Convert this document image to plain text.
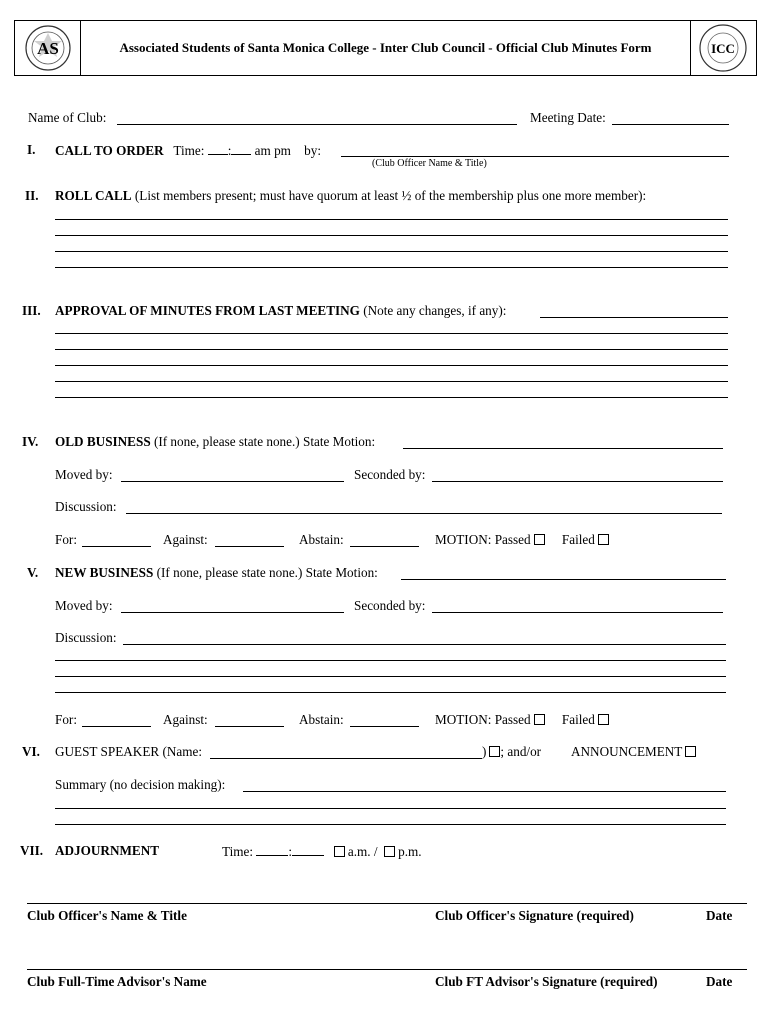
AS	Associated Students of Santa Monica College - Inter Club Council - Official Club Minutes Form	ICC
Name of Club:	Meeting Date:
I. CALL TO ORDER Time: : am pm by:
(Club Officer Name & Title)
II. ROLL CALL (List members present; must have quorum at least ½ of the membership plus one more member):
III. APPROVAL OF MINUTES FROM LAST MEETING (Note any changes, if any):
IV. OLD BUSINESS (If none, please state none.) State Motion:
Moved by:	Seconded by:
Discussion:
For:	Against:	Abstain:	MOTION: Passed Failed
V. NEW BUSINESS (If none, please state none.) State Motion:
Moved by:	Seconded by:
Discussion:
For:	Against:	Abstain:	MOTION: Passed Failed
VI. GUEST SPEAKER (Name:	) ; and/or ANNOUNCEMENT
Summary (no decision making):
VII. ADJOURNMENT	Time:	:	a.m. / p.m.
Club Officer's Name & Title	Club Officer's Signature (required)	Date
Club Full-Time Advisor's Name	Club FT Advisor's Signature (required)	Date
